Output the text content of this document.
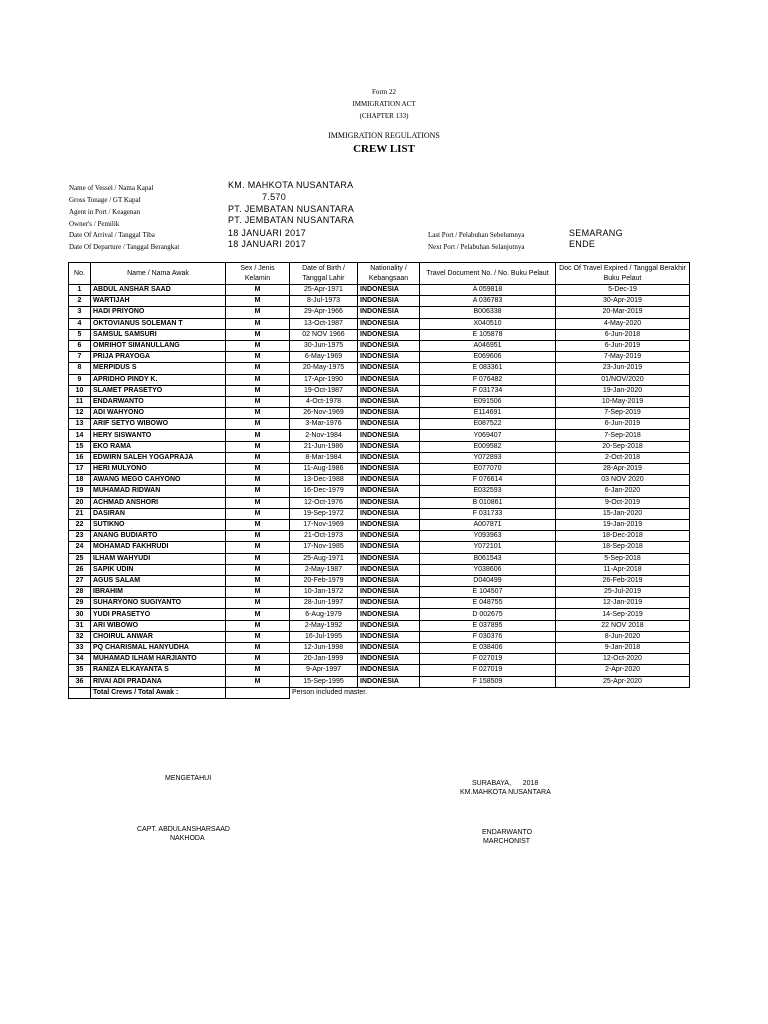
Form 22
IMMIGRATION ACT
(CHAPTER 133)
IMMIGRATION REGULATIONS
CREW LIST
Name of Vessel / Nama Kapal	KM. MAHKOTA NUSANTARA
Gross Tonage / GT Kapal	7.570
Agent in Port / Keagenan	PT. JEMBATAN NUSANTARA
Owner's / Pemilik	PT. JEMBATAN NUSANTARA
Date Of Arrival / Tanggal Tiba	18 JANUARI 2017
Date Of Departure / Tanggal Berangkat	18 JANUARI 2017
Last Port / Pelabuhan Sebelumnya	SEMARANG
Next Port / Pelabuhan Selanjutnya	ENDE
No.	Name / Nama Awak	Sex / Jenis Kelamin	Date of Birth / Tanggal Lahir	Nationality / Kebangsaan	Travel Document No. / No. Buku Pelaut	Doc Of Travel Expired / Tanggal Berakhir Buku Pelaut
1	ABDUL ANSHAR SAAD	M	25-Apr-1971	INDONESIA	A 059818	5-Dec-19
2	WARTIJAH	M	8-Jul-1973	INDONESIA	A 036783	30-Apr-2019
3	HADI PRIYONO	M	29-Apr-1966	INDONESIA	B006338	20-Mar-2019
4	OKTOVIANUS SOLEMAN T	M	13-Oct-1987	INDONESIA	X040510	4-May-2020
5	SAMSUL SAMSURI	M	02 NOV 1966	INDONESIA	E 105878	6-Jun-2018
6	OMRIHOT SIMANULLANG	M	30-Jun-1975	INDONESIA	A046951	6-Jun-2019
7	PRIJA PRAYOGA	M	6-May-1969	INDONESIA	E069606	7-May-2019
8	MERPIDUS S	M	20-May-1975	INDONESIA	E 083361	23-Jun-2019
9	APRIDHO PINDY K.	M	17-Apr-1990	INDONESIA	F 076482	01/NOV/2020
10	SLAMET PRASETYO	M	19-Oct-1987	INDONESIA	F 031734	19-Jan-2020
11	ENDARWANTO	M	4-Oct-1978	INDONESIA	E091506	10-May-2019
12	ADI WAHYONO	M	26-Nov-1969	INDONESIA	E114691	7-Sep-2019
13	ARIF SETYO WIBOWO	M	3-Mar-1976	INDONESIA	E087522	6-Jun-2019
14	HERY SISWANTO	M	2-Nov-1984	INDONESIA	Y069407	7-Sep-2018
15	EKO RAMA	M	21-Jun-1986	INDONESIA	E009582	20-Sep-2018
16	EDWIRN SALEH YOGAPRAJA	M	8-Mar-1984	INDONESIA	Y072893	2-Oct-2018
17	HERI MULYONO	M	11-Aug-1986	INDONESIA	E077070	28-Apr-2019
18	AWANG MEGO CAHYONO	M	13-Dec-1988	INDONESIA	F 076614	03 NOV 2020
19	MUHAMAD RIDWAN	M	16-Dec-1979	INDONESIA	E032593	6-Jan-2020
20	ACHMAD ANSHORI	M	12-Oct-1976	INDONESIA	B 010861	9-Oct-2019
21	DASIRAN	M	19-Sep-1972	INDONESIA	F 031733	15-Jan-2020
22	SUTIKNO	M	17-Nov-1969	INDONESIA	A007871	19-Jan-2019
23	ANANG BUDIARTO	M	21-Oct-1973	INDONESIA	Y093963	18-Dec-2018
24	MOHAMAD FAKHRUDI	M	17-Nov-1985	INDONESIA	Y072101	18-Sep-2018
25	ILHAM WAHYUDI	M	25-Aug-1971	INDONESIA	B061543	5-Sep-2018
26	SAPIK UDIN	M	2-May-1987	INDONESIA	Y038606	11-Apr-2018
27	AGUS SALAM	M	20-Feb-1979	INDONESIA	D040499	26-Feb-2019
28	IBRAHIM	M	10-Jan-1972	INDONESIA	E 104507	25-Jul-2019
29	SUHARYONO SUGIYANTO	M	28-Jun-1997	INDONESIA	E 048755	12-Jan-2019
30	YUDI PRASETYO	M	6-Aug-1979	INDONESIA	D 002675	14-Sep-2019
31	ARI WIBOWO	M	2-May-1992	INDONESIA	E 037895	22 NOV 2018
32	CHOIRUL ANWAR	M	16-Jul-1995	INDONESIA	F 030376	8-Jun-2020
33	PQ CHARISMAL HANYUDHA	M	12-Jun-1998	INDONESIA	E 038406	9-Jan-2018
34	MUHAMAD ILHAM HARJIANTO	M	20-Jan-1999	INDONESIA	F 027019	12-Oct-2020
35	RANIZA ELKAYANTA S	M	9-Apr-1997	INDONESIA	F 027019	2-Apr-2020
36	RIVAI ADI PRADANA	M	15-Sep-1995	INDONESIA	F 158509	25-Apr-2020
	Total Crews / Total Awak :		Person included master.			
MENGETAHUI
CAPT. ABDULANSHARSAAD
NAKHODA
SURABAYA,      2018
KM.MAHKOTA NUSANTARA
ENDARWANTO
MARCHONIST
